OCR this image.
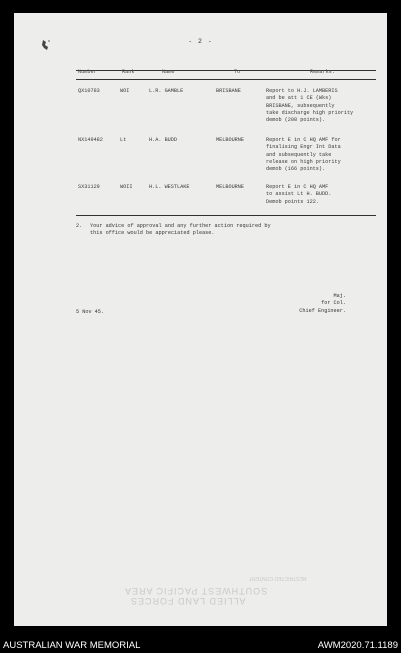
- 2 -
Number	Rank	Name	To	Remarks.
QX10783	WOI	L.R. GAMBLE	BRISBANE	Report to H.J. LAMBERIS
and be att 1 CE (Wks)
BRISBANE, subsequently
take discharge high priority
demob (208 points).
NX149482	Lt	H.A. BUDD	MELBOURNE	Report E in C HQ AMF for
finalising Engr Int Data
and subsequently take
release on high priority
demob (166 points).
SX31129	WOII	H.L. WESTLAKE	MELBOURNE	Report E in C HQ AMF
to assist Lt H. BUDD.
Demob points 122.
2. Your advice of approval and any further action required by
this office would be appreciated please.
5 Nov 45.
Maj.
for Col.
Chief Engineer.
RESTRICTED CONTENT
SOUTHWEST PACIFIC AREA
ALLIED LAND FORCES
AUSTRALIAN WAR MEMORIAL	AWM2020.71.1189
